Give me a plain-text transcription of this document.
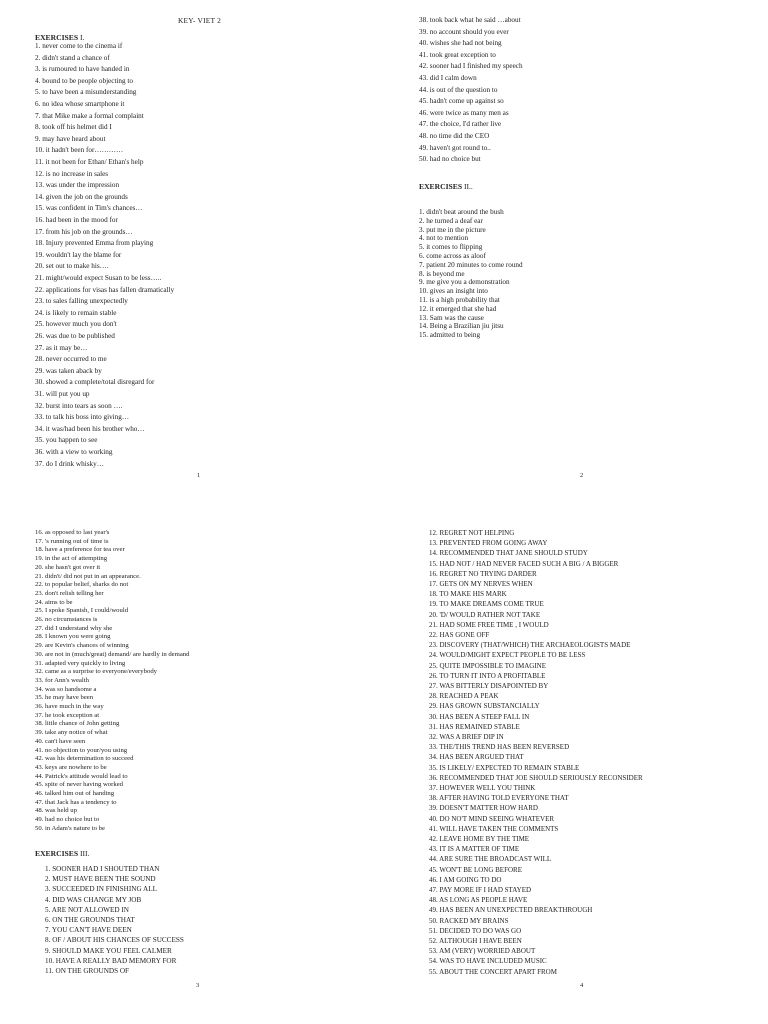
KEY- VIET 2
EXERCISES I.
1. never come to the cinema if
2. didn't stand a chance of
3. is rumoured to have handed in
4. bound to be people objecting to
5. to have been a misunderstanding
6. no idea whose smartphone it
7. that Mike make a formal complaint
8. took off his helmet did I
9. may have heard about
10. it hadn't been for…………
11. it not been for Ethan/ Ethan's help
12. is no increase in sales
13. was under the impression
14. given the job on the grounds
15. was confident in Tim's chances…
16. had been in the mood for
17. from his job on the grounds…
18. Injury prevented Emma from playing
19. wouldn't lay the blame for
20. set out to make his….
21. might/would expect Susan to be less…..
22. applications for visas has fallen dramatically
23. to sales falling unexpectedly
24. is likely to remain stable
25. however much you don't
26. was due to be published
27. as it may be…
28. never occurred to me
29. was taken aback by
30. showed a complete/total disregard for
31. will put you up
32. burst into tears as soon ….
33. to talk his boss into giving…
34. it was/had been his brother who…
35. you happen to see
36. with a view to working
37. do I drink whisky…
1
38. took back what he said …about
39. no account should you ever
40. wishes she had not being
41. took great exception to
42. sooner had I finished my speech
43. did I calm down
44. is out of the question to
45. hadn't come up against so
46. were twice as many men as
47. the choice, I'd rather live
48. no time did the CEO
49. haven't got round to..
50. had no choice but
EXERCISES II..
1. didn't beat around the bush
2. he turned a deaf ear
3. put me in the picture
4. not to mention
5. it comes to flipping
6. come across as aloof
7. patient 20 minutes to come round
8. is beyond me
9. me give you a demonstration
10. gives an insight into
11. is a high probability that
12. it emerged that she had
13. Sam was the cause
14. Being a Brazilian jiu jitsu
15. admitted to being
2
16. as opposed to last year's
17. 's running out of time is
18. have a preference for tea over
19. in the act of attempting
20. she hasn't got over it
21. didn't/ did not put in an appearance.
22. to popular belief, sharks do not
23. don't relish telling her
24. aims to be
25. I spoke Spanish, I could/would
26. no circumstances is
27. did I understand why she
28. I known you were going
29. are Kevin's chances of winning
30. are not in (much/great) demand/ are hardly in demand
31. adapted very quickly to living
32. came as a surprise to everyone/everybody
33. for Ann's wealth
34. was so handsome a
35. he may have been
36. have much in the way
37. he took exception at
38. little chance of John getting
39. take any notice of what
40. can't have seen
41. no objection to your/you using
42. was his determination to succeed
43. keys are nowhere to be
44. Patrick's attitude would lead to
45. spite of never having worked
46. talked him out of handing
47. that Jack has a tendency to
48. was held up
49. had no choice but to
50. in Adam's nature to be
EXERCISES III.
1. SOONER HAD I SHOUTED THAN
2. MUST HAVE BEEN THE SOUND
3. SUCCEEDED IN FINISHING ALL
4. DID WAS CHANGE MY JOB
5. ARE NOT ALLOWED IN
6. ON THE GROUNDS THAT
7. YOU CAN'T HAVE DEEN
8. OF / ABOUT HIS CHANCES OF SUCCESS
9. SHOULD MAKE YOU FEEL CALMER
10. HAVE A REALLY BAD MEMORY FOR
11. ON THE GROUNDS OF
3
12. REGRET NOT HELPING
13. PREVENTED FROM GOING AWAY
14. RECOMMENDED THAT JANE SHOULD STUDY
15. HAD NOT / HAD NEVER FACED SUCH A BIG / A BIGGER
16. REGRET NO TRYING DARDER
17. GETS ON MY NERVES WHEN
18. TO MAKE HIS MARK
19. TO MAKE DREAMS COME TRUE
20. 'D/ WOULD RATHER NOT TAKE
21. HAD SOME FREE TIME , I WOULD
22. HAS GONE OFF
23. DISCOVERY (THAT/WHICH) THE ARCHAEOLOGISTS MADE
24. WOULD/MIGHT EXPECT PEOPLE TO BE LESS
25. QUITE IMPOSSIBLE TO IMAGINE
26. TO TURN IT INTO A PROFITABLE
27. WAS BITTERLY DISAPOINTED BY
28. REACHED A PEAK
29. HAS GROWN SUBSTANCIALLY
30. HAS BEEN A STEEP FALL IN
31. HAS REMAINED STABLE
32. WAS A BRIEF DIP IN
33. THE/THIS TREND HAS BEEN REVERSED
34. HAS BEEN ARGUED THAT
35. IS LIKELY/ EXPECTED TO REMAIN STABLE
36. RECOMMENDED THAT JOE SHOULD SERIOUSLY RECONSIDER
37. HOWEVER WELL YOU THINK
38. AFTER HAVING TOLD EVERYONE THAT
39. DOESN'T MATTER HOW HARD
40. DO NO'T MIND SEEING WHATEVER
41. WILL HAVE TAKEN THE COMMENTS
42. LEAVE HOME BY THE TIME
43. IT IS A MATTER OF TIME
44. ARE SURE THE BROADCAST WILL
45. WON'T BE LONG BEFORE
46. I AM GOING TO DO
47. PAY MORE IF I HAD STAYED
48. AS LONG AS PEOPLE HAVE
49. HAS BEEN AN UNEXPECTED BREAKTHROUGH
50. RACKED MY BRAINS
51. DECIDED TO DO WAS GO
52. ALTHOUGH I HAVE BEEN
53. AM (VERY) WORRIED ABOUT
54. WAS TO HAVE INCLUDED MUSIC
55. ABOUT THE CONCERT APART FROM
4
